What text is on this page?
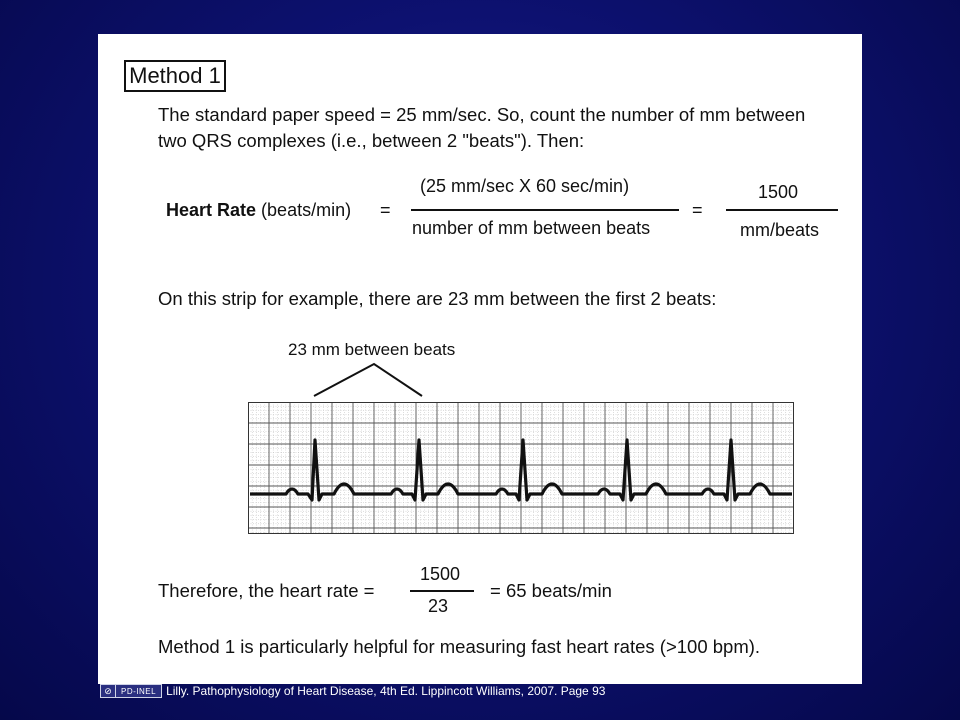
Method 1
The standard paper speed = 25 mm/sec. So, count the number of mm between
two QRS complexes (i.e., between 2 "beats"). Then:
Heart Rate (beats/min) =
(25 mm/sec X 60 sec/min)
number of mm between beats
=
1500
mm/beats
On this strip for example, there are 23 mm between the first 2 beats:
23 mm between beats
Therefore, the heart rate =
1500
23
= 65 beats/min
Method 1 is particularly helpful for measuring fast heart rates (>100 bpm).
⊘	PD-INEL Lilly. Pathophysiology of Heart Disease, 4th Ed. Lippincott Williams, 2007. Page 93
